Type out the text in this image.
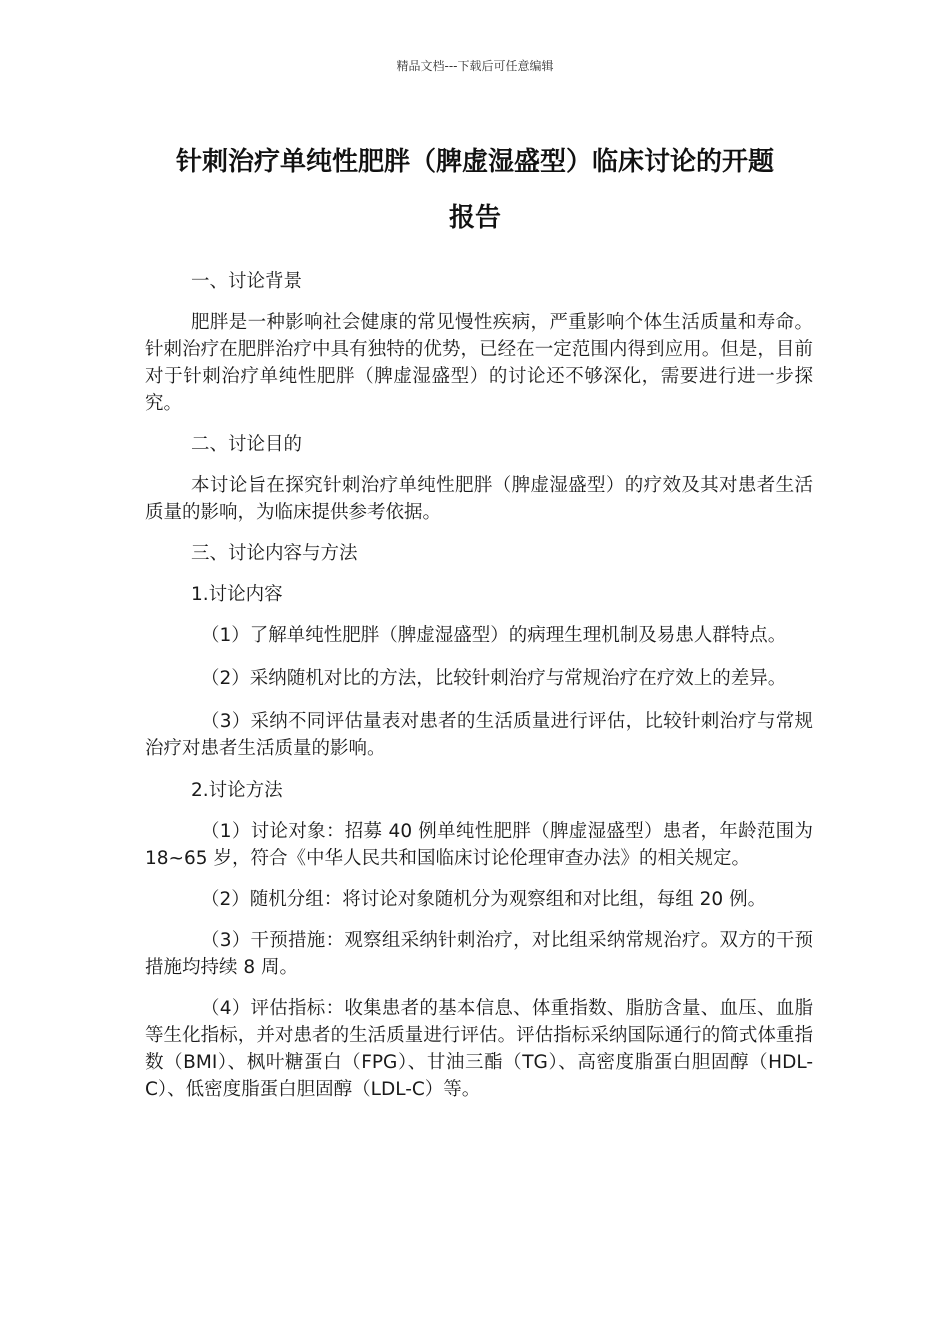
精品文档---下载后可任意编辑
针刺治疗单纯性肥胖（脾虚湿盛型）临床讨论的开题
报告

一、讨论背景

肥胖是一种影响社会健康的常见慢性疾病，严重影响个体生活质量和寿命。针刺治疗在肥胖治疗中具有独特的优势，已经在一定范围内得到应用。但是，目前对于针刺治疗单纯性肥胖（脾虚湿盛型）的讨论还不够深化，需要进行进一步探究。

二、讨论目的

本讨论旨在探究针刺治疗单纯性肥胖（脾虚湿盛型）的疗效及其对患者生活质量的影响，为临床提供参考依据。

三、讨论内容与方法

1.讨论内容

（1）了解单纯性肥胖（脾虚湿盛型）的病理生理机制及易患人群特点。

（2）采纳随机对比的方法，比较针刺治疗与常规治疗在疗效上的差异。

（3）采纳不同评估量表对患者的生活质量进行评估，比较针刺治疗与常规治疗对患者生活质量的影响。

2.讨论方法

（1）讨论对象：招募 40 例单纯性肥胖（脾虚湿盛型）患者，年龄范围为 18~65 岁，符合《中华人民共和国临床讨论伦理审查办法》的相关规定。

（2）随机分组：将讨论对象随机分为观察组和对比组，每组 20 例。

（3）干预措施：观察组采纳针刺治疗，对比组采纳常规治疗。双方的干预措施均持续 8 周。

（4）评估指标：收集患者的基本信息、体重指数、脂肪含量、血压、血脂等生化指标，并对患者的生活质量进行评估。评估指标采纳国际通行的简式体重指数（BMI）、枫叶糖蛋白（FPG）、甘油三酯（TG）、高密度脂蛋白胆固醇（HDL-C）、低密度脂蛋白胆固醇（LDL-C）等。
